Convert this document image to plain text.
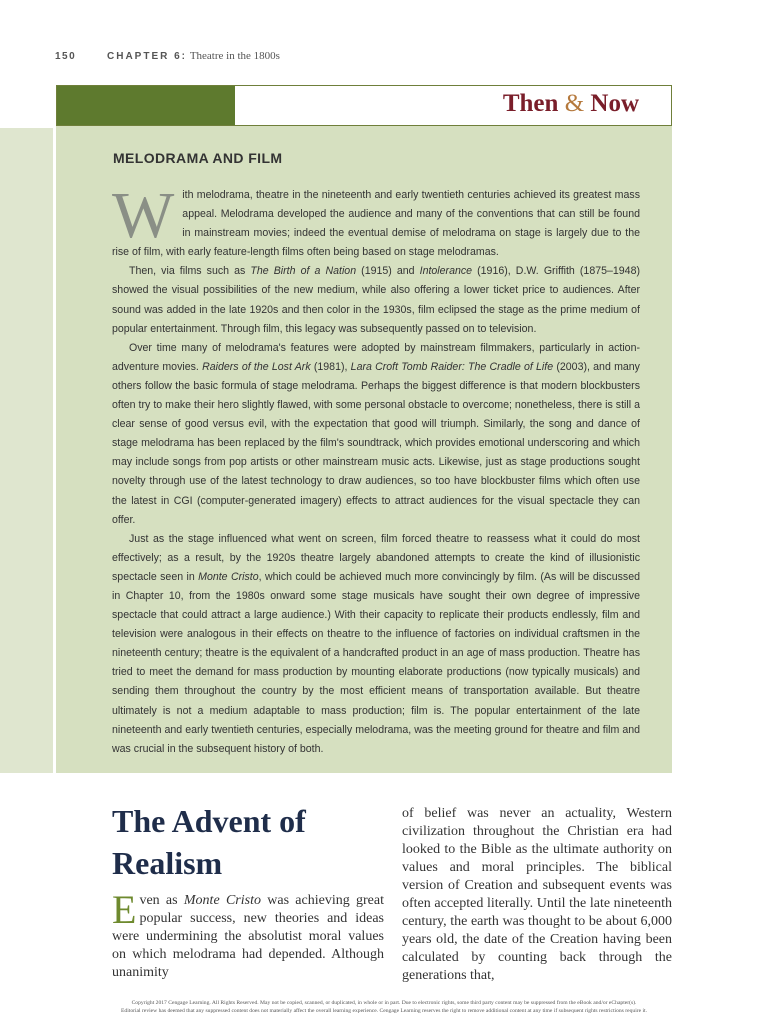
150	CHAPTER 6: Theatre in the 1800s
MELODRAMA AND FILM

With melodrama, theatre in the nineteenth and early twentieth centuries achieved its greatest mass appeal. Melodrama developed the audience and many of the conventions that can still be found in mainstream movies; indeed the eventual demise of melodrama on stage is largely due to the rise of film, with early feature-length films often being based on stage melodramas.

Then, via films such as The Birth of a Nation (1915) and Intolerance (1916), D.W. Griffith (1875–1948) showed the visual possibilities of the new medium, while also offering a lower ticket price to audiences. After sound was added in the late 1920s and then color in the 1930s, film eclipsed the stage as the prime medium of popular entertainment. Through film, this legacy was subsequently passed on to television.

Over time many of melodrama's features were adopted by mainstream filmmakers, particularly in action-adventure movies. Raiders of the Lost Ark (1981), Lara Croft Tomb Raider: The Cradle of Life (2003), and many others follow the basic formula of stage melodrama. Perhaps the biggest difference is that modern blockbusters often try to make their hero slightly flawed, with some personal obstacle to overcome; nonetheless, there is still a clear sense of good versus evil, with the expectation that good will triumph. Similarly, the song and dance of stage melodrama has been replaced by the film's soundtrack, which provides emotional underscoring and which may include songs from pop artists or other mainstream music acts. Likewise, just as stage productions sought novelty through use of the latest technology to draw audiences, so too have blockbuster films which often use the latest in CGI (computer-generated imagery) effects to attract audiences for the visual spectacle they can offer.

Just as the stage influenced what went on screen, film forced theatre to reassess what it could do most effectively; as a result, by the 1920s theatre largely abandoned attempts to create the kind of illusionistic spectacle seen in Monte Cristo, which could be achieved much more convincingly by film. (As will be discussed in Chapter 10, from the 1980s onward some stage musicals have sought their own degree of impressive spectacle that could attract a large audience.) With their capacity to replicate their products endlessly, film and television were analogous in their effects on theatre to the influence of factories on individual craftsmen in the nineteenth century; theatre is the equivalent of a handcrafted product in an age of mass production. Theatre has tried to meet the demand for mass production by mounting elaborate productions (now typically musicals) and sending them throughout the country by the most efficient means of transportation available. But theatre ultimately is not a medium adaptable to mass production; film is. The popular entertainment of the late nineteenth and early twentieth centuries, especially melodrama, was the meeting ground for theatre and film and was crucial in the subsequent history of both.

Then & Now
The Advent of Realism
Even as Monte Cristo was achieving great popular success, new theories and ideas were undermining the absolutist moral values on which melodrama had depended. Although unanimity
of belief was never an actuality, Western civilization throughout the Christian era had looked to the Bible as the ultimate authority on values and moral principles. The biblical version of Creation and subsequent events was often accepted literally. Until the late nineteenth century, the earth was thought to be about 6,000 years old, the date of the Creation having been calculated by counting back through the generations that,
Copyright 2017 Cengage Learning. All Rights Reserved. May not be copied, scanned, or duplicated, in whole or in part. Due to electronic rights, some third party content may be suppressed from the eBook and/or eChapter(s).
Editorial review has deemed that any suppressed content does not materially affect the overall learning experience. Cengage Learning reserves the right to remove additional content at any time if subsequent rights restrictions require it.
